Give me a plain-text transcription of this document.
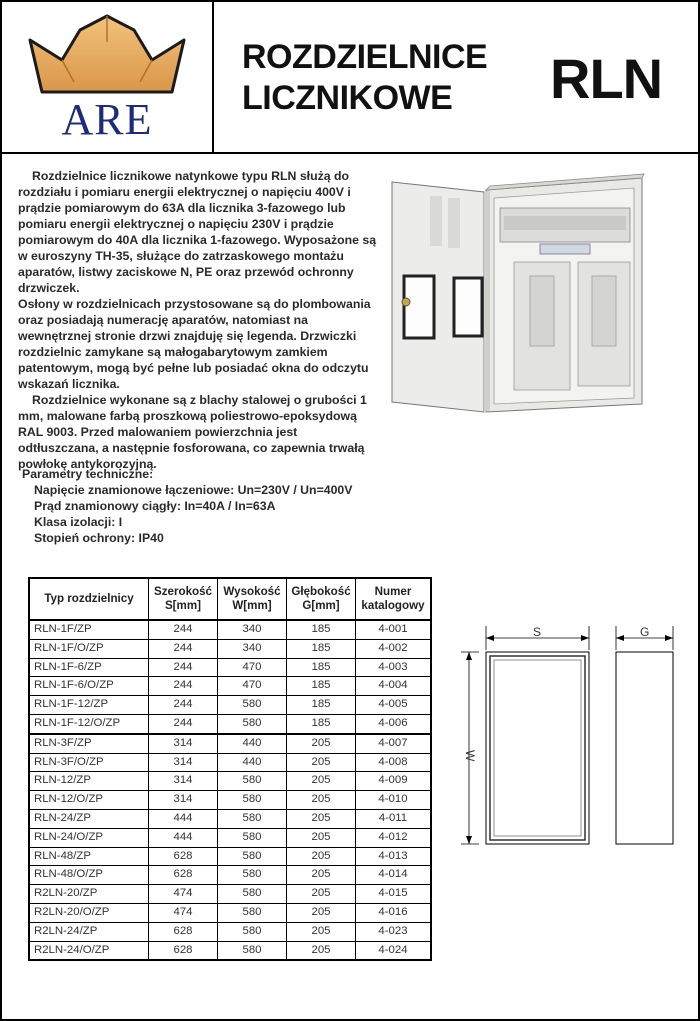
ARE
ROZDZIELNICE
LICZNIKOWE RLN

Rozdzielnice licznikowe natynkowe typu RLN służą do rozdziału i pomiaru energii elektrycznej o napięciu 400V i prądzie pomiarowym do 63A dla licznika 3-fazowego lub pomiaru energii elektrycznej o napięciu 230V i prądzie pomiarowym do 40A dla licznika 1-fazowego. Wyposażone są w euroszyny TH-35, służące do zatrzaskowego montażu aparatów, listwy zaciskowe N, PE oraz przewód ochronny drzwiczek.

Osłony w rozdzielnicach przystosowane są do plombowania oraz posiadają numerację aparatów, natomiast na wewnętrznej stronie drzwi znajduję się legenda. Drzwiczki rozdzielnic zamykane są małogabarytowym zamkiem patentowym, mogą być pełne lub posiadać okna do odczytu wskazań licznika.

Rozdzielnice wykonane są z blachy stalowej o grubości 1 mm, malowane farbą proszkową poliestrowo-epoksydową RAL 9003. Przed malowaniem powierzchnia jest odtłuszczana, a następnie fosforowana, co zapewnia trwałą powłokę antykorozyjną.

Parametry techniczne:
Napięcie znamionowe łączeniowe: Un=230V / Un=400V
Prąd znamionowy ciągły: In=40A / In=63A
Klasa izolacji: I
Stopień ochrony: IP40
Typ rozdzielnicy	Szerokość S[mm]	Wysokość W[mm]	Głębokość G[mm]	Numer katalogowy
RLN-1F/ZP	244	340	185	4-001
RLN-1F/O/ZP	244	340	185	4-002
RLN-1F-6/ZP	244	470	185	4-003
RLN-1F-6/O/ZP	244	470	185	4-004
RLN-1F-12/ZP	244	580	185	4-005
RLN-1F-12/O/ZP	244	580	185	4-006
RLN-3F/ZP	314	440	205	4-007
RLN-3F/O/ZP	314	440	205	4-008
RLN-12/ZP	314	580	205	4-009
RLN-12/O/ZP	314	580	205	4-010
RLN-24/ZP	444	580	205	4-011
RLN-24/O/ZP	444	580	205	4-012
RLN-48/ZP	628	580	205	4-013
RLN-48/O/ZP	628	580	205	4-014
R2LN-20/ZP	474	580	205	4-015
R2LN-20/O/ZP	474	580	205	4-016
R2LN-24/ZP	628	580	205	4-023
R2LN-24/O/ZP	628	580	205	4-024
S
W
G
